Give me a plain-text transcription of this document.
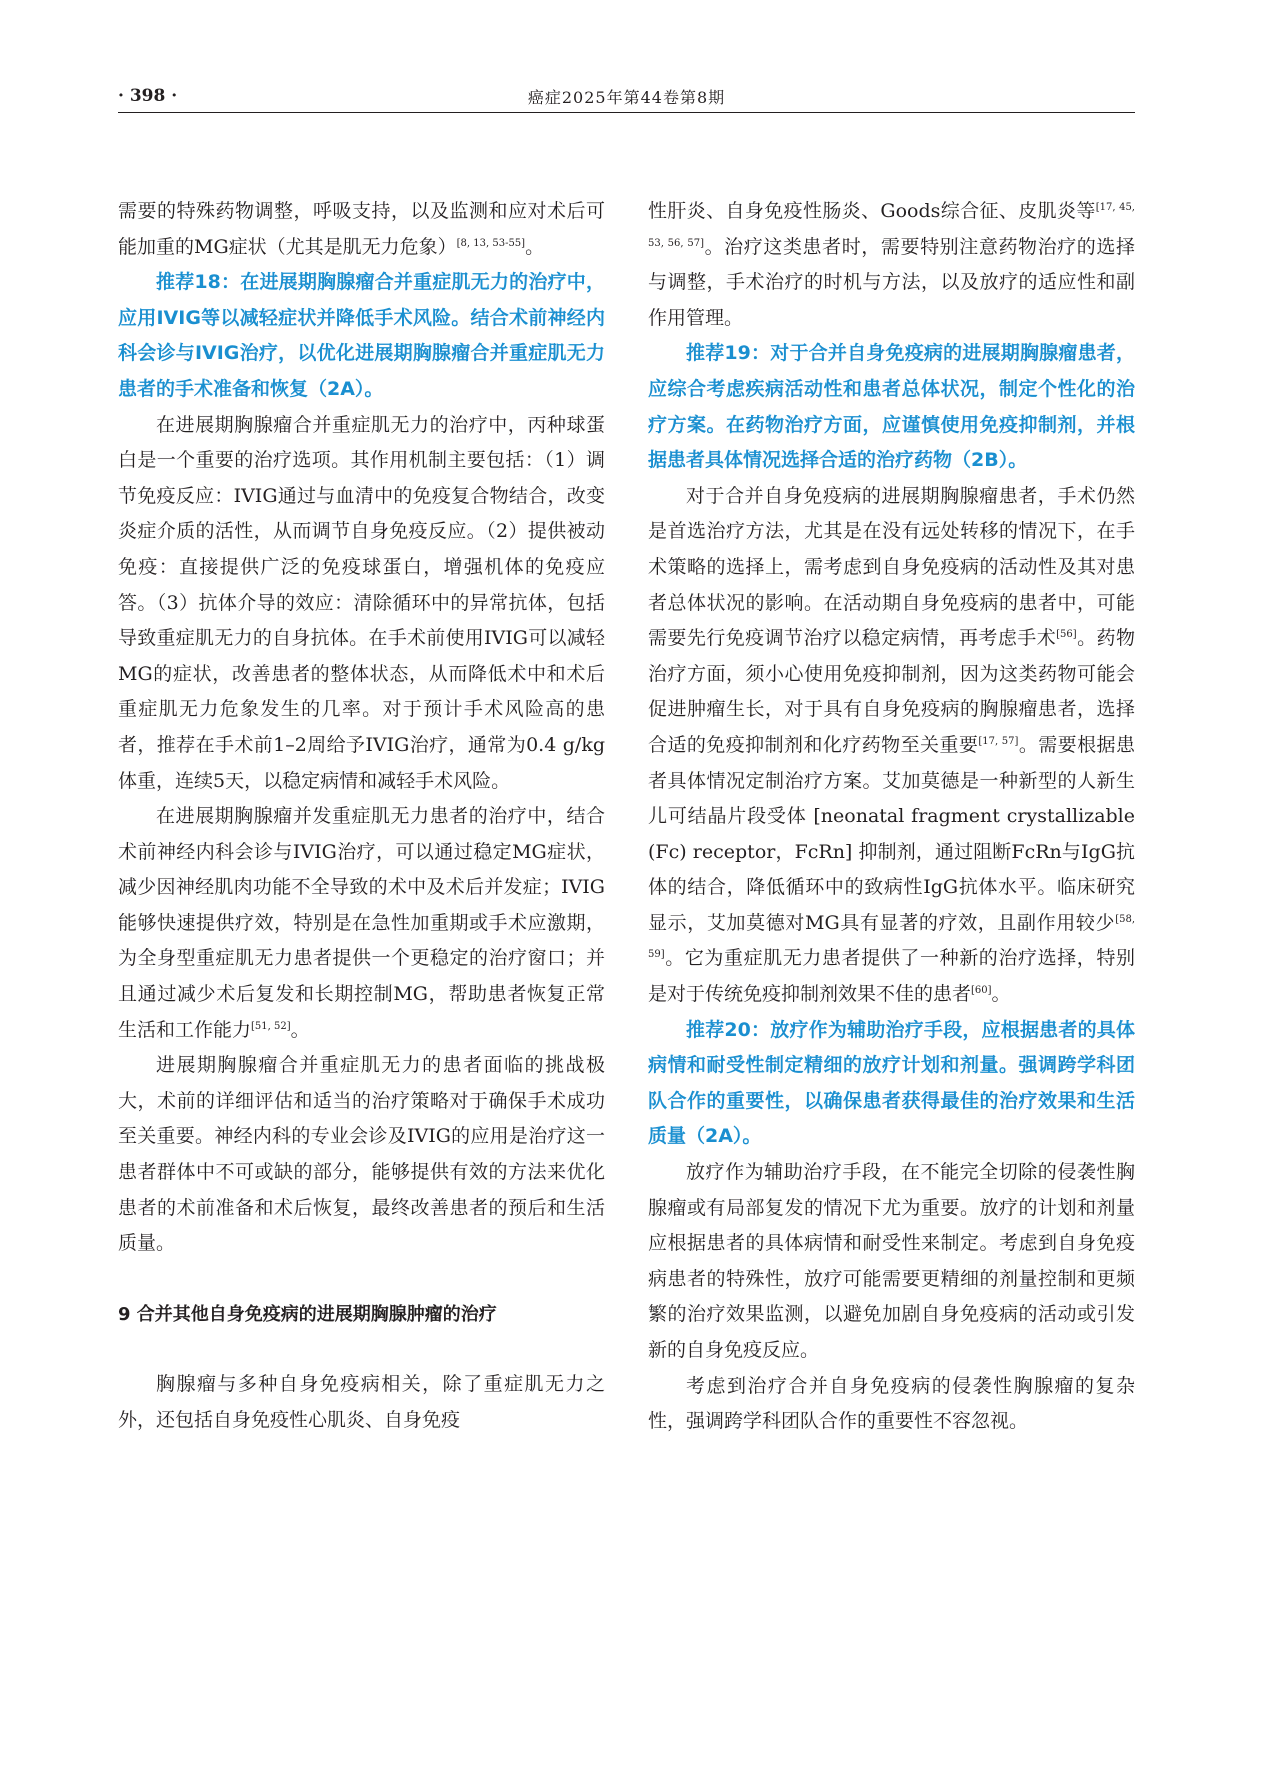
· 398 ·	癌症2025年第44卷第8期

需要的特殊药物调整，呼吸支持，以及监测和应对术后可能加重的MG症状（尤其是肌无力危象）[8, 13, 53-55]。

推荐18：在进展期胸腺瘤合并重症肌无力的治疗中，应用IVIG等以减轻症状并降低手术风险。结合术前神经内科会诊与IVIG治疗，以优化进展期胸腺瘤合并重症肌无力患者的手术准备和恢复（2A）。

在进展期胸腺瘤合并重症肌无力的治疗中，丙种球蛋白是一个重要的治疗选项。其作用机制主要包括：（1）调节免疫反应：IVIG通过与血清中的免疫复合物结合，改变炎症介质的活性，从而调节自身免疫反应。（2）提供被动免疫：直接提供广泛的免疫球蛋白，增强机体的免疫应答。（3）抗体介导的效应：清除循环中的异常抗体，包括导致重症肌无力的自身抗体。在手术前使用IVIG可以减轻MG的症状，改善患者的整体状态，从而降低术中和术后重症肌无力危象发生的几率。对于预计手术风险高的患者，推荐在手术前1–2周给予IVIG治疗，通常为0.4 g/kg体重，连续5天，以稳定病情和减轻手术风险。

在进展期胸腺瘤并发重症肌无力患者的治疗中，结合术前神经内科会诊与IVIG治疗，可以通过稳定MG症状，减少因神经肌肉功能不全导致的术中及术后并发症；IVIG能够快速提供疗效，特别是在急性加重期或手术应激期，为全身型重症肌无力患者提供一个更稳定的治疗窗口；并且通过减少术后复发和长期控制MG，帮助患者恢复正常生活和工作能力[51, 52]。

进展期胸腺瘤合并重症肌无力的患者面临的挑战极大，术前的详细评估和适当的治疗策略对于确保手术成功至关重要。神经内科的专业会诊及IVIG的应用是治疗这一患者群体中不可或缺的部分，能够提供有效的方法来优化患者的术前准备和术后恢复，最终改善患者的预后和生活质量。

9 合并其他自身免疫病的进展期胸腺肿瘤的治疗

胸腺瘤与多种自身免疫病相关，除了重症肌无力之外，还包括自身免疫性心肌炎、自身免疫

性肝炎、自身免疫性肠炎、Goods综合征、皮肌炎等[17, 45, 53, 56, 57]。治疗这类患者时，需要特别注意药物治疗的选择与调整，手术治疗的时机与方法，以及放疗的适应性和副作用管理。

推荐19：对于合并自身免疫病的进展期胸腺瘤患者，应综合考虑疾病活动性和患者总体状况，制定个性化的治疗方案。在药物治疗方面，应谨慎使用免疫抑制剂，并根据患者具体情况选择合适的治疗药物（2B）。

对于合并自身免疫病的进展期胸腺瘤患者，手术仍然是首选治疗方法，尤其是在没有远处转移的情况下，在手术策略的选择上，需考虑到自身免疫病的活动性及其对患者总体状况的影响。在活动期自身免疫病的患者中，可能需要先行免疫调节治疗以稳定病情，再考虑手术[56]。药物治疗方面，须小心使用免疫抑制剂，因为这类药物可能会促进肿瘤生长，对于具有自身免疫病的胸腺瘤患者，选择合适的免疫抑制剂和化疗药物至关重要[17, 57]。需要根据患者具体情况定制治疗方案。艾加莫德是一种新型的人新生儿可结晶片段受体 [neonatal fragment crystallizable (Fc) receptor，FcRn] 抑制剂，通过阻断FcRn与IgG抗体的结合，降低循环中的致病性IgG抗体水平。临床研究显示，艾加莫德对MG具有显著的疗效，且副作用较少[58, 59]。它为重症肌无力患者提供了一种新的治疗选择，特别是对于传统免疫抑制剂效果不佳的患者[60]。

推荐20：放疗作为辅助治疗手段，应根据患者的具体病情和耐受性制定精细的放疗计划和剂量。强调跨学科团队合作的重要性，以确保患者获得最佳的治疗效果和生活质量（2A）。

放疗作为辅助治疗手段，在不能完全切除的侵袭性胸腺瘤或有局部复发的情况下尤为重要。放疗的计划和剂量应根据患者的具体病情和耐受性来制定。考虑到自身免疫病患者的特殊性，放疗可能需要更精细的剂量控制和更频繁的治疗效果监测，以避免加剧自身免疫病的活动或引发新的自身免疫反应。

考虑到治疗合并自身免疫病的侵袭性胸腺瘤的复杂性，强调跨学科团队合作的重要性不容忽视。
